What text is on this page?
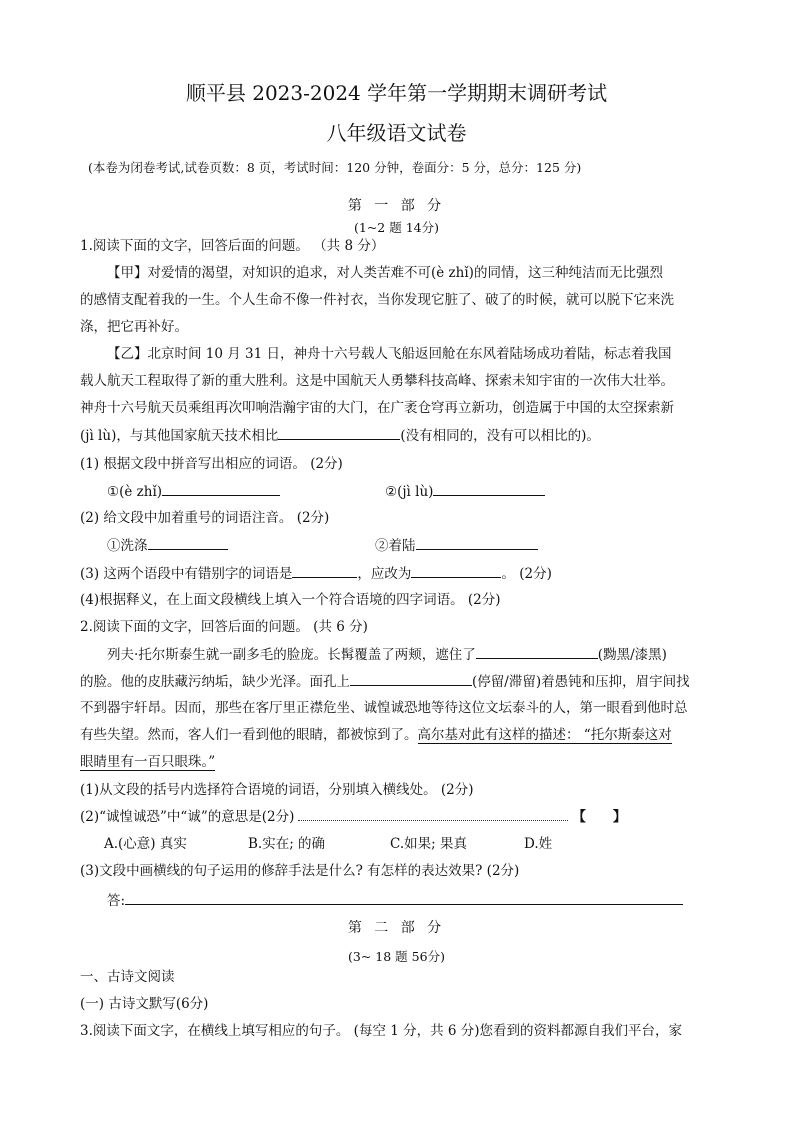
顺平县 2023-2024 学年第一学期期末调研考试
八年级语文试卷
(本卷为闭卷考试,试卷页数：8 页，考试时间：120 分钟，卷面分：5 分，总分：125 分)
第 一 部 分
(1~2 题 14分)
1.阅读下面的文字，回答后面的问题。 （共 8 分）
【甲】对爱情的渴望，对知识的追求，对人类苦难不可(è zhǐ)的同情，这三种纯洁而无比强烈
的感情支配着我的一生。个人生命不像一件衬衣，当你发现它脏了、破了的时候，就可以脱下它来洗
涤，把它再补好。
【乙】北京时间 10 月 31 日，神舟十六号载人飞船返回舱在东风着陆场成功着陆，标志着我国
载人航天工程取得了新的重大胜利。这是中国航天人勇攀科技高峰、探索未知宇宙的一次伟大壮举。
神舟十六号航天员乘组再次叩响浩瀚宇宙的大门，在广袤仓穹再立新功，创造属于中国的太空探索新
(jì lù)，与其他国家航天技术相比	(没有相同的，没有可以相比的)。
(1) 根据文段中拼音写出相应的词语。 (2分)
①(è zhǐ)	②(jì lù)
(2) 给文段中加着重号的词语注音。 (2分)
①洗涤	②着陆
(3) 这两个语段中有错别字的词语是	，应改为	。 (2分)
(4)根据释义，在上面文段横线上填入一个符合语境的四字词语。 (2分)
2.阅读下面的文字，回答后面的问题。 (共 6 分)
列夫·托尔斯泰生就一副多毛的脸庞。长髯覆盖了两颊，遮住了	(黝黑/漆黑)
的脸。他的皮肤藏污纳垢，缺少光泽。面孔上	(停留/滞留)着愚钝和压抑，眉宇间找
不到器宇轩昂。因而，那些在客厅里正襟危坐、诚惶诚恐地等待这位文坛泰斗的人，第一眼看到他时总
有些失望。然而，客人们一看到他的眼睛，都被惊到了。高尔基对此有这样的描述： “托尔斯泰这对
眼睛里有一百只眼珠。”
(1)从文段的括号内选择符合语境的词语，分别填入横线处。 (2分)
(2)“诚惶诚恐”中“诚”的意思是(2分)	【　　】
A.(心意) 真实	B.实在; 的确	C.如果; 果真	D.姓
(3)文段中画横线的句子运用的修辞手法是什么? 有怎样的表达效果? (2分)
答:
第 二 部 分
(3~ 18 题 56分)
一、古诗文阅读
(一) 古诗文默写(6分)
3.阅读下面文字，在横线上填写相应的句子。 (每空 1 分，共 6 分)您看到的资料都源自我们平台，家
